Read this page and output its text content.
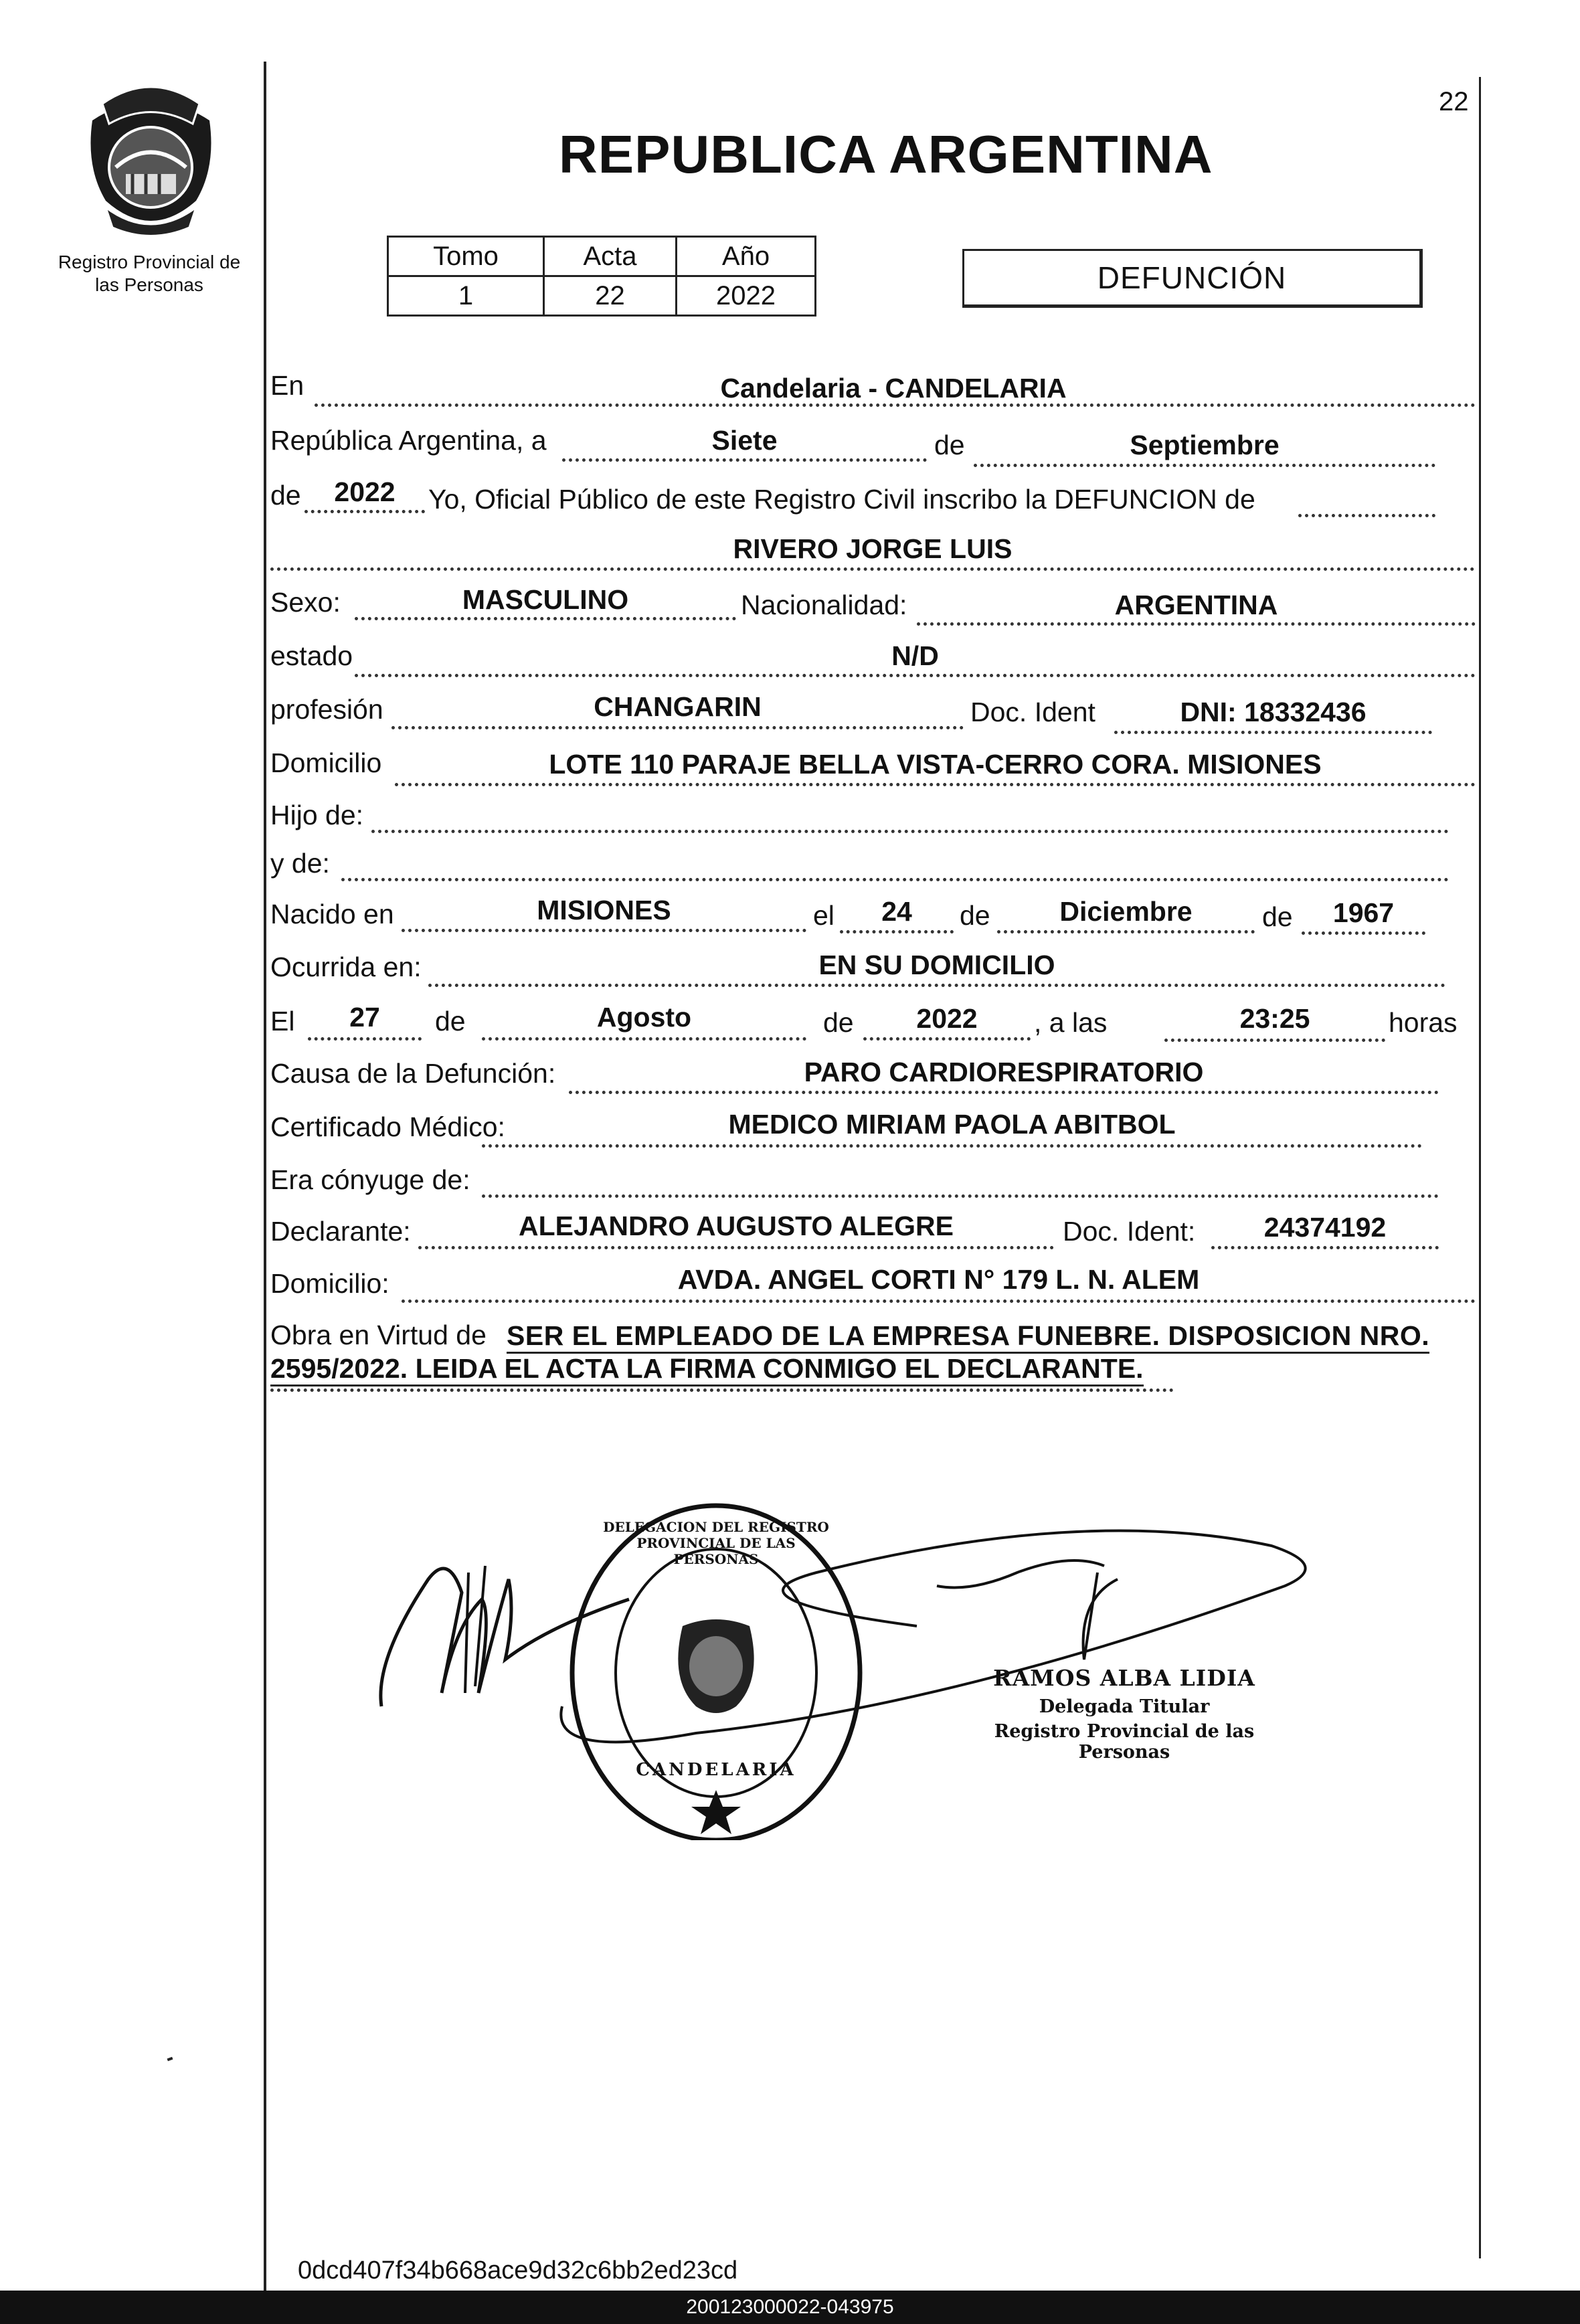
22
Registro Provincial de las Personas
REPUBLICA ARGENTINA
Tomo	Acta	Año
1	22	2022
DEFUNCIÓN
En	Candelaria - CANDELARIA
República Argentina, a	Siete	de	Septiembre
de	2022	Yo, Oficial Público de este Registro Civil inscribo la DEFUNCION de
RIVERO JORGE LUIS
Sexo:	MASCULINO	Nacionalidad:	ARGENTINA
estado	N/D
profesión	CHANGARIN	Doc. Ident	DNI: 18332436
Domicilio	LOTE 110 PARAJE BELLA VISTA-CERRO CORA. MISIONES
Hijo de:
y de:
Nacido en	MISIONES	el	24	de	Diciembre	de	1967
Ocurrida en:	EN SU DOMICILIO
El	27	de	Agosto	de	2022	, a las	23:25	horas
Causa de la Defunción:	PARO CARDIORESPIRATORIO
Certificado Médico:	MEDICO MIRIAM PAOLA ABITBOL
Era cónyuge de:
Declarante:	ALEJANDRO AUGUSTO ALEGRE	Doc. Ident:	24374192
Domicilio:	AVDA. ANGEL CORTI N° 179 L. N. ALEM
Obra en Virtud de SER EL EMPLEADO DE LA EMPRESA FUNEBRE. DISPOSICION NRO.
2595/2022. LEIDA EL ACTA LA FIRMA CONMIGO EL DECLARANTE.
DELEGACION DEL REGISTRO PROVINCIAL DE LAS PERSONAS
CANDELARIA
RAMOS ALBA LIDIA
Delegada Titular
Registro Provincial de las Personas
0dcd407f34b668ace9d32c6bb2ed23cd
200123000022-043975
